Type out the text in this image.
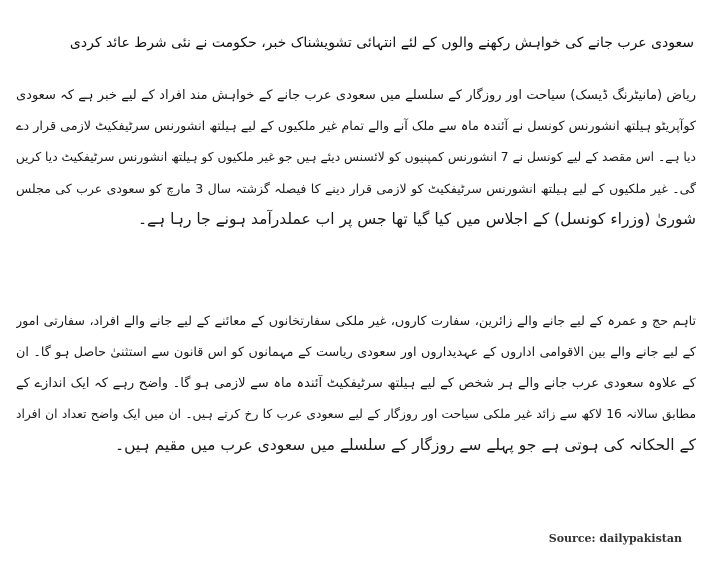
سعودی عرب جانے کی خواہش رکھنے والوں کے لئے انتہائی تشویشناک خبر، حکومت نے نئی شرط عائد کردی
ریاض (مانیٹرنگ ڈیسک) سیاحت اور روزگار کے سلسلے میں سعودی عرب جانے کے خواہش مند افراد کے لیے خبر ہے کہ سعودی
کوآپریٹو ہیلتھ انشورنس کونسل نے آئندہ ماہ سے ملک آنے والے تمام غیر ملکیوں کے لیے ہیلتھ انشورنس سرٹیفکیٹ لازمی قرار دے
دیا ہے۔ اس مقصد کے لیے کونسل نے 7 انشورنس کمپنیوں کو لائسنس دیئے ہیں جو غیر ملکیوں کو ہیلتھ انشورنس سرٹیفکیٹ دیا کریں
گی۔ غیر ملکیوں کے لیے ہیلتھ انشورنس سرٹیفکیٹ کو لازمی قرار دینے کا فیصلہ گزشتہ سال 3 مارچ کو سعودی عرب کی مجلس
شوریٰ (وزراء کونسل) کے اجلاس میں کیا گیا تھا جس پر اب عملدرآمد ہونے جا رہا ہے۔
تاہم حج و عمرہ کے لیے جانے والے زائرین، سفارت کاروں، غیر ملکی سفارتخانوں کے معائنے کے لیے جانے والے افراد، سفارتی امور
کے لیے جانے والے بین الاقوامی اداروں کے عہدیداروں اور سعودی ریاست کے مہمانوں کو اس قانون سے استثنیٰ حاصل ہو گا۔ ان
کے علاوہ سعودی عرب جانے والے ہر شخص کے لیے ہیلتھ سرٹیفکیٹ آئندہ ماہ سے لازمی ہو گا۔ واضح رہے کہ ایک اندازے کے
مطابق سالانہ 16 لاکھ سے زائد غیر ملکی سیاحت اور روزگار کے لیے سعودی عرب کا رخ کرتے ہیں۔ ان میں ایک واضح تعداد ان افراد
کے الحکانہ کی ہوتی ہے جو پہلے سے روزگار کے سلسلے میں سعودی عرب میں مقیم ہیں۔
Source: dailypakistan
